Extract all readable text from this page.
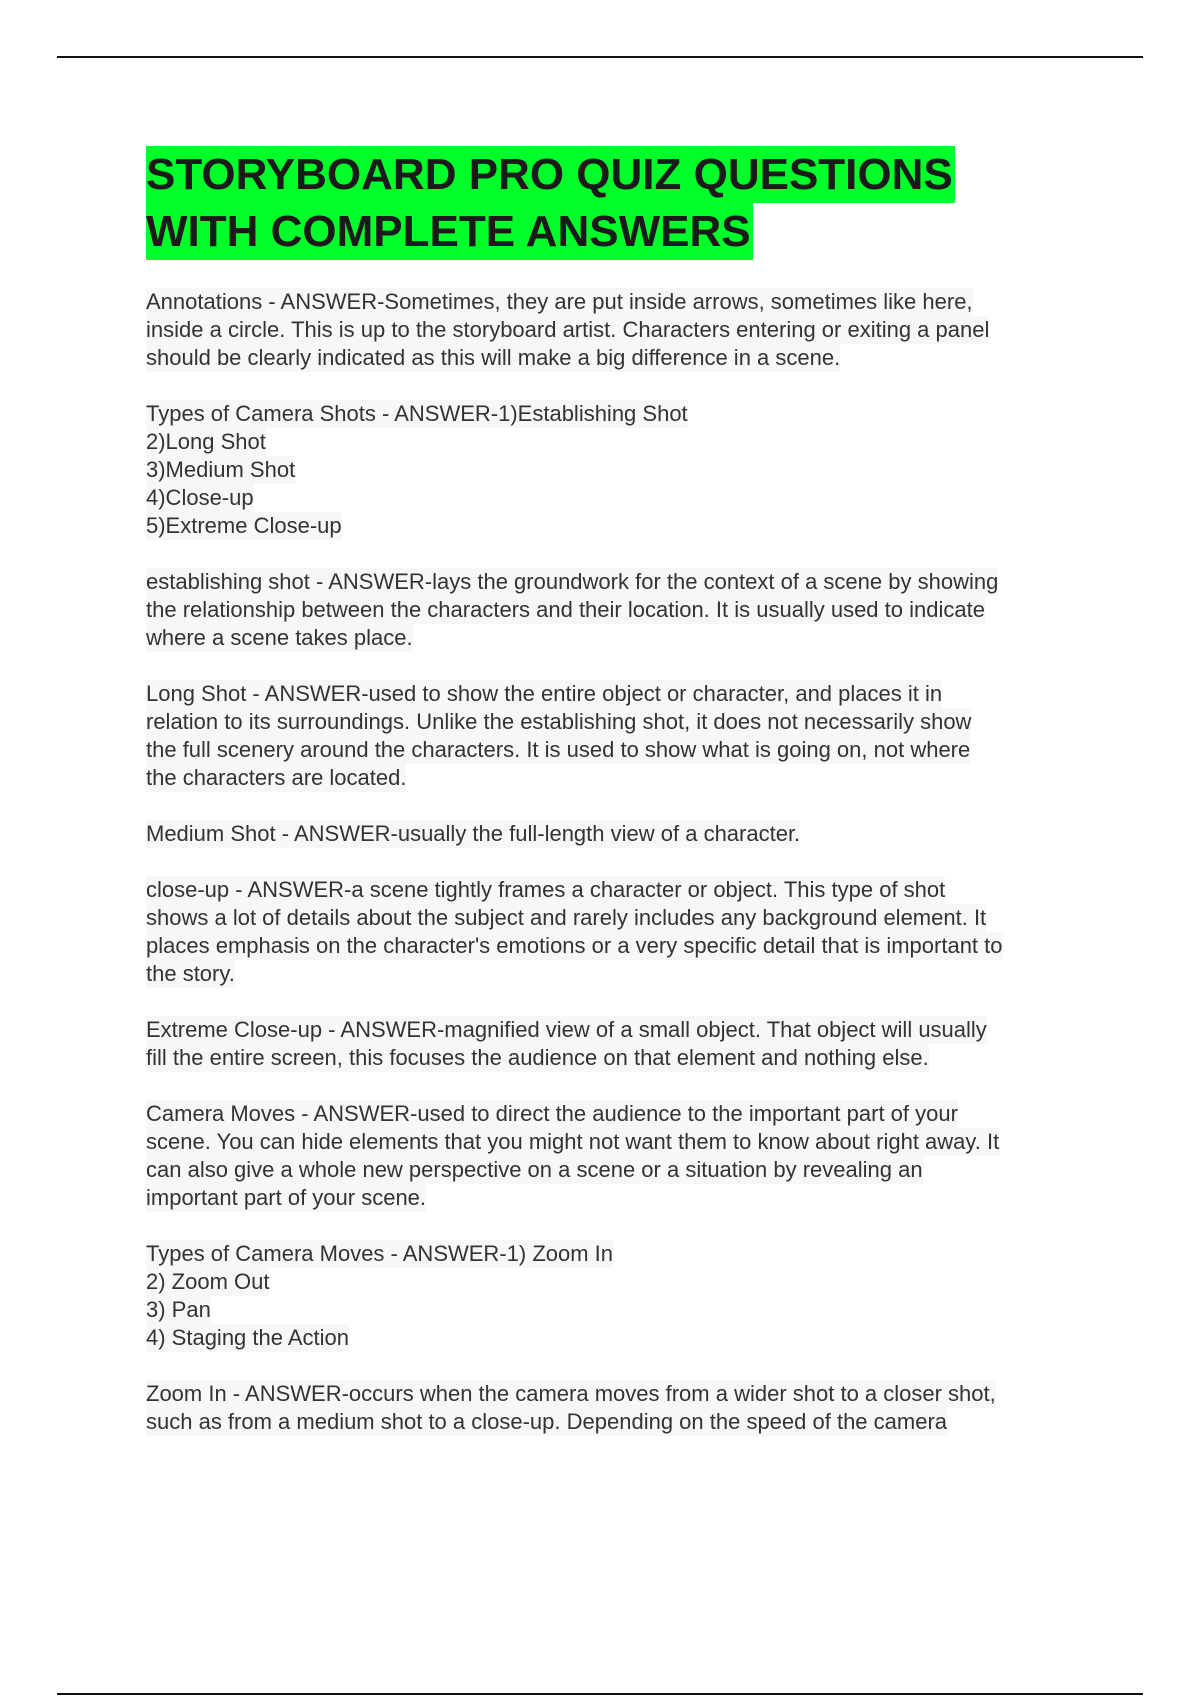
STORYBOARD PRO QUIZ QUESTIONS
WITH COMPLETE ANSWERS
Annotations - ANSWER-Sometimes, they are put inside arrows, sometimes like here,
inside a circle. This is up to the storyboard artist. Characters entering or exiting a panel
should be clearly indicated as this will make a big difference in a scene.
Types of Camera Shots - ANSWER-1)Establishing Shot
2)Long Shot
3)Medium Shot
4)Close-up
5)Extreme Close-up
establishing shot - ANSWER-lays the groundwork for the context of a scene by showing
the relationship between the characters and their location. It is usually used to indicate
where a scene takes place.
Long Shot - ANSWER-used to show the entire object or character, and places it in
relation to its surroundings. Unlike the establishing shot, it does not necessarily show
the full scenery around the characters. It is used to show what is going on, not where
the characters are located.
Medium Shot - ANSWER-usually the full-length view of a character.
close-up - ANSWER-a scene tightly frames a character or object. This type of shot
shows a lot of details about the subject and rarely includes any background element. It
places emphasis on the character's emotions or a very specific detail that is important to
the story.
Extreme Close-up - ANSWER-magnified view of a small object. That object will usually
fill the entire screen, this focuses the audience on that element and nothing else.
Camera Moves - ANSWER-used to direct the audience to the important part of your
scene. You can hide elements that you might not want them to know about right away. It
can also give a whole new perspective on a scene or a situation by revealing an
important part of your scene.
Types of Camera Moves - ANSWER-1) Zoom In
2) Zoom Out
3) Pan
4) Staging the Action
Zoom In - ANSWER-occurs when the camera moves from a wider shot to a closer shot,
such as from a medium shot to a close-up. Depending on the speed of the camera
